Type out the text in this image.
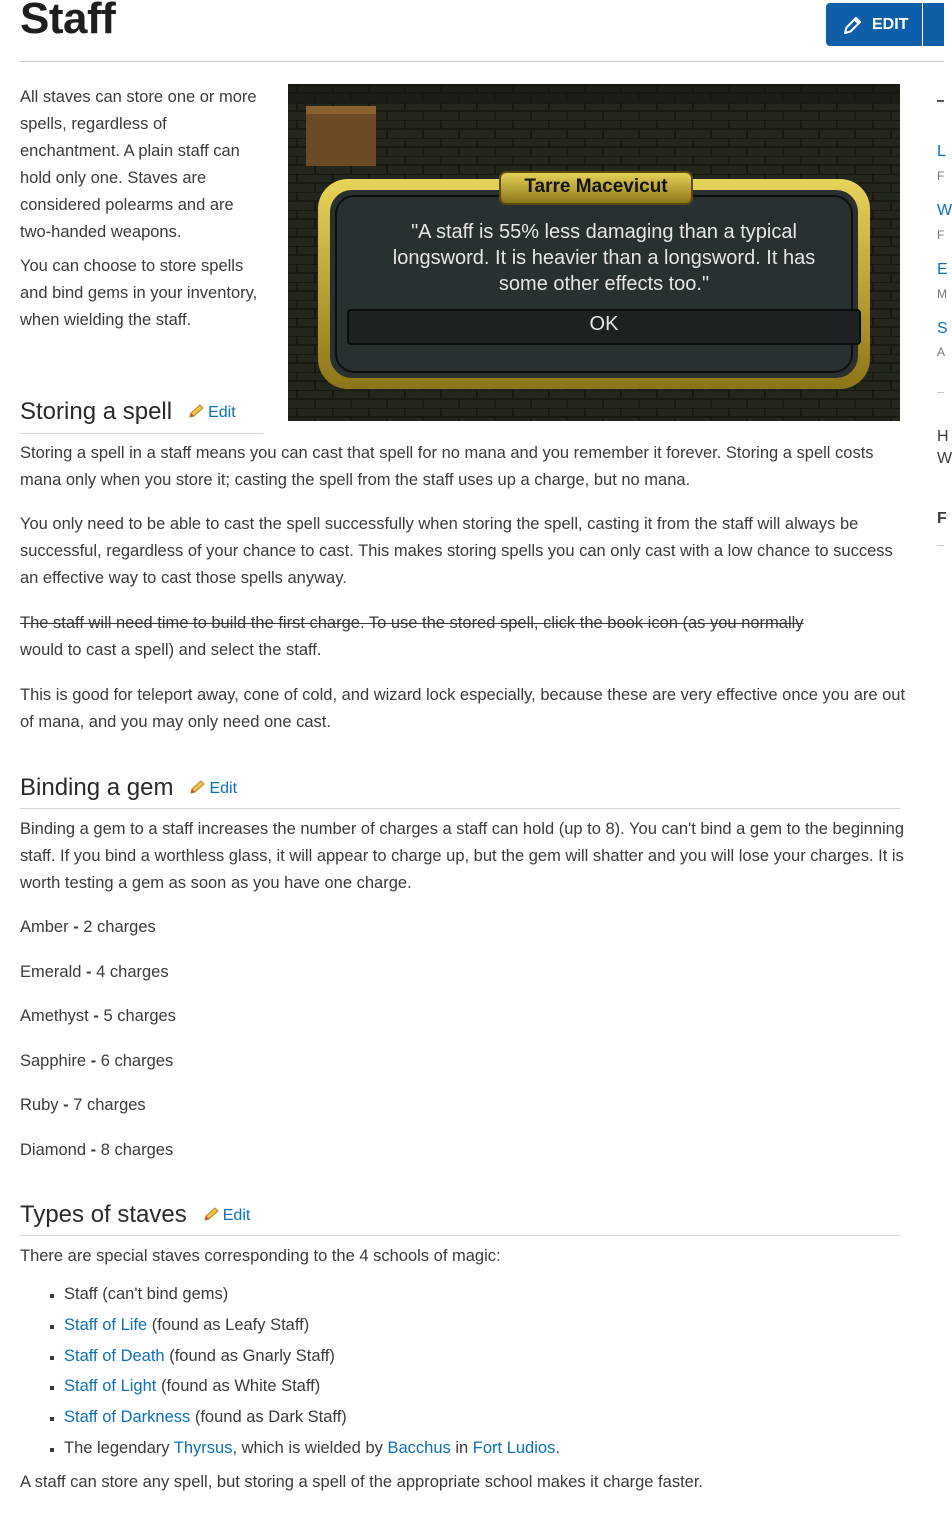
Staff	EDIT

All staves can store one or more spells, regardless of enchantment. A plain staff can hold only one. Staves are considered polearms and are two-handed weapons.

You can choose to store spells and bind gems in your inventory, when wielding the staff.

Tarre Macevicut
"A staff is 55% less damaging than a typical
longsword. It is heavier than a longsword. It has
some other effects too."
OK
Storing a spell Edit

Storing a spell in a staff means you can cast that spell for no mana and you remember it forever. Storing a spell costs mana only when you store it; casting the spell from the staff uses up a charge, but no mana.

You only need to be able to cast the spell successfully when storing the spell, casting it from the staff will always be successful, regardless of your chance to cast. This makes storing spells you can only cast with a low chance to success an effective way to cast those spells anyway.

The staff will need time to build the first charge. To use the stored spell, click the book icon (as you normally
would to cast a spell) and select the staff.

This is good for teleport away, cone of cold, and wizard lock especially, because these are very effective once you are out of mana, and you may only need one cast.

Binding a gem Edit

Binding a gem to a staff increases the number of charges a staff can hold (up to 8). You can't bind a gem to the beginning staff. If you bind a worthless glass, it will appear to charge up, but the gem will shatter and you will lose your charges. It is worth testing a gem as soon as you have one charge.

Amber - 2 charges

Emerald - 4 charges

Amethyst - 5 charges

Sapphire - 6 charges

Ruby - 7 charges

Diamond - 8 charges

Types of staves Edit

There are special staves corresponding to the 4 schools of magic:

▪ Staff (can't bind gems)
▪ Staff of Life (found as Leafy Staff)
▪ Staff of Death (found as Gnarly Staff)
▪ Staff of Light (found as White Staff)
▪ Staff of Darkness (found as Dark Staff)
▪ The legendary Thyrsus, which is wielded by Bacchus in Fort Ludios.

A staff can store any spell, but storing a spell of the appropriate school makes it charge faster.

L
F
W
F
E
M
S
A
H
W
F
